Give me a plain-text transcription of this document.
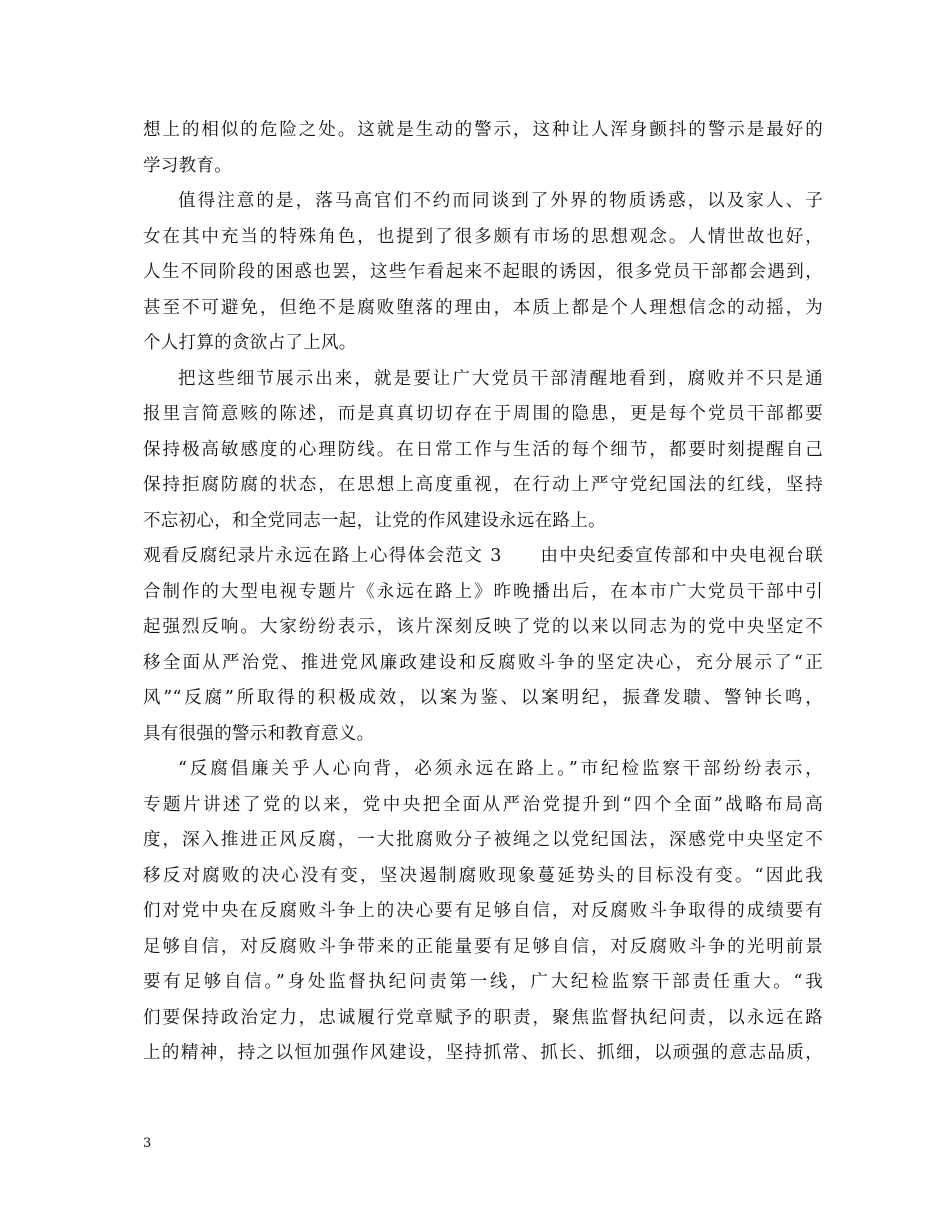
想上的相似的危险之处。这就是生动的警示，这种让人浑身颤抖的警示是最好的
学习教育。
值得注意的是，落马高官们不约而同谈到了外界的物质诱惑，以及家人、子
女在其中充当的特殊角色，也提到了很多颇有市场的思想观念。人情世故也好，
人生不同阶段的困惑也罢，这些乍看起来不起眼的诱因，很多党员干部都会遇到，
甚至不可避免，但绝不是腐败堕落的理由，本质上都是个人理想信念的动摇，为
个人打算的贪欲占了上风。
把这些细节展示出来，就是要让广大党员干部清醒地看到，腐败并不只是通
报里言简意赅的陈述，而是真真切切存在于周围的隐患，更是每个党员干部都要
保持极高敏感度的心理防线。在日常工作与生活的每个细节，都要时刻提醒自己
保持拒腐防腐的状态，在思想上高度重视，在行动上严守党纪国法的红线，坚持
不忘初心，和全党同志一起，让党的作风建设永远在路上。
观看反腐纪录片永远在路上心得体会范文 3　　由中央纪委宣传部和中央电视台联
合制作的大型电视专题片《永远在路上》昨晚播出后，在本市广大党员干部中引
起强烈反响。大家纷纷表示，该片深刻反映了党的以来以同志为的党中央坚定不
移全面从严治党、推进党风廉政建设和反腐败斗争的坚定决心，充分展示了“正
风”“反腐”所取得的积极成效，以案为鉴、以案明纪，振聋发聩、警钟长鸣，
具有很强的警示和教育意义。
“反腐倡廉关乎人心向背，必须永远在路上。”市纪检监察干部纷纷表示，
专题片讲述了党的以来，党中央把全面从严治党提升到“四个全面”战略布局高
度，深入推进正风反腐，一大批腐败分子被绳之以党纪国法，深感党中央坚定不
移反对腐败的决心没有变，坚决遏制腐败现象蔓延势头的目标没有变。“因此我
们对党中央在反腐败斗争上的决心要有足够自信，对反腐败斗争取得的成绩要有
足够自信，对反腐败斗争带来的正能量要有足够自信，对反腐败斗争的光明前景
要有足够自信。”身处监督执纪问责第一线，广大纪检监察干部责任重大。“我
们要保持政治定力，忠诚履行党章赋予的职责，聚焦监督执纪问责，以永远在路
上的精神，持之以恒加强作风建设，坚持抓常、抓长、抓细，以顽强的意志品质，
3
